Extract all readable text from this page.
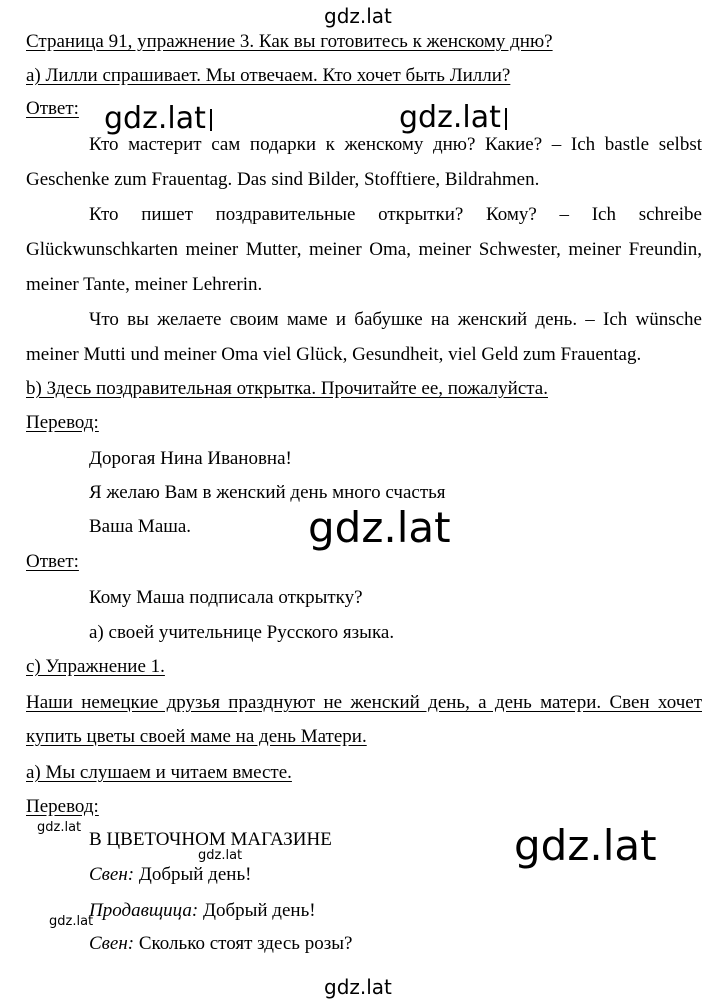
gdz.lat
Страница 91, упражнение 3. Как вы готовитесь к женскому дню?
а) Лилли спрашивает. Мы отвечаем. Кто хочет быть Лилли?
Ответ: gdz.lat	gdz.lat

Кто мастерит сам подарки к женскому дню? Какие? – Ich bastle selbst Geschenke zum Frauentag. Das sind Bilder, Stofftiere, Bildrahmen.

Кто пишет поздравительные открытки? Кому? – Ich schreibe Glückwunschkarten meiner Mutter, meiner Oma, meiner Schwester, meiner Freundin, meiner Tante, meiner Lehrerin.

Что вы желаете своим маме и бабушке на женский день. – Ich wünsche meiner Mutti und meiner Oma viel Glück, Gesundheit, viel Geld zum Frauentag.

b) Здесь поздравительная открытка. Прочитайте ее, пожалуйста.
Перевод:
Дорогая Нина Ивановна!
Я желаю Вам в женский день много счастья
Ваша Маша.	gdz.lat
Ответ:
Кому Маша подписала открытку?
а) своей учительнице Русского языка.
с) Упражнение 1.
Наши немецкие друзья празднуют не женский день, а день матери. Свен хочет купить цветы своей маме на день Матери.
а) Мы слушаем и читаем вместе.
Перевод:
gdz.lat
В ЦВЕТОЧНОМ МАГАЗИНЕ
gdz.lat
Свен: Добрый день!
Продавщица: Добрый день!
gdz.lat
Свен: Сколько стоят здесь розы?
gdz.lat
gdz.lat
